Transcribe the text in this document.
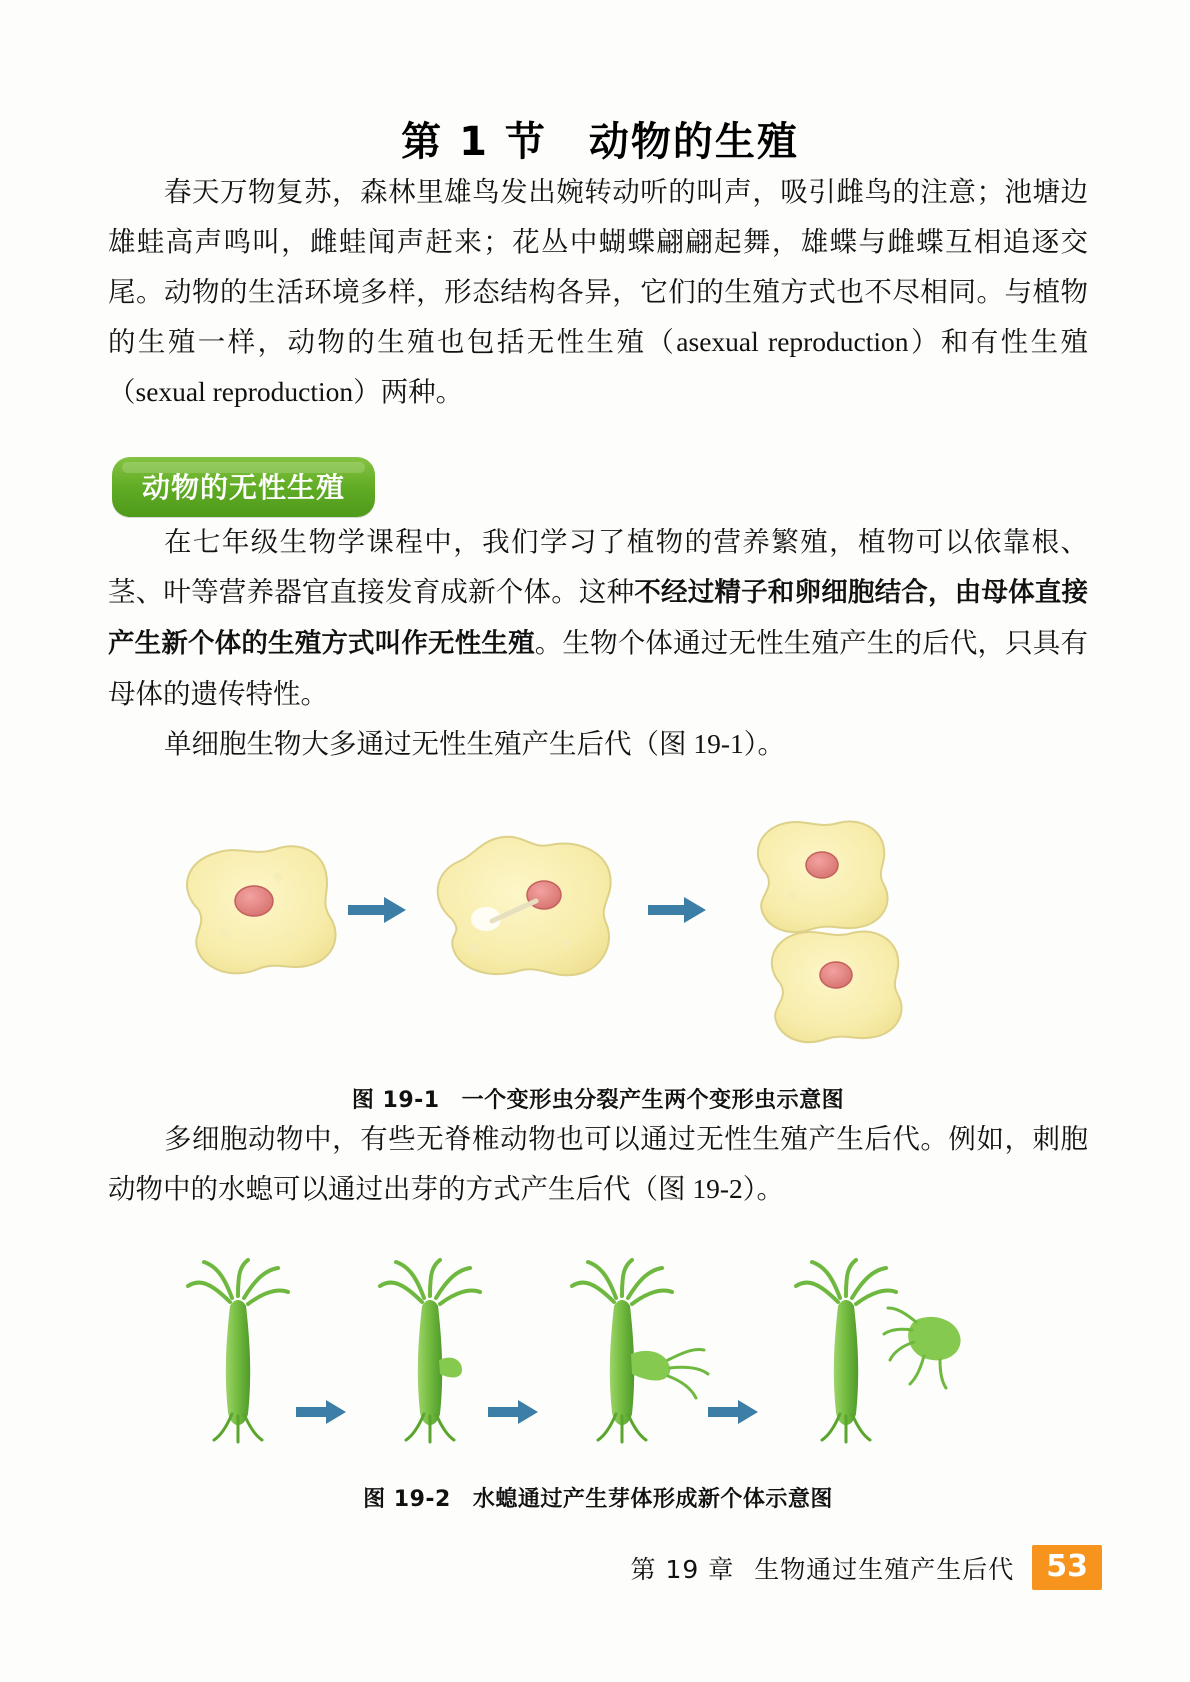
第 1 节 动物的生殖

春天万物复苏，森林里雄鸟发出婉转动听的叫声，吸引雌鸟的注意；池塘边雄蛙高声鸣叫，雌蛙闻声赶来；花丛中蝴蝶翩翩起舞，雄蝶与雌蝶互相追逐交尾。动物的生活环境多样，形态结构各异，它们的生殖方式也不尽相同。与植物的生殖一样，动物的生殖也包括无性生殖（asexual reproduction）和有性生殖（sexual reproduction）两种。

动物的无性生殖

在七年级生物学课程中，我们学习了植物的营养繁殖，植物可以依靠根、茎、叶等营养器官直接发育成新个体。这种不经过精子和卵细胞结合，由母体直接产生新个体的生殖方式叫作无性生殖。生物个体通过无性生殖产生的后代，只具有母体的遗传特性。

单细胞生物大多通过无性生殖产生后代（图 19-1）。

图 19-1 一个变形虫分裂产生两个变形虫示意图

多细胞动物中，有些无脊椎动物也可以通过无性生殖产生后代。例如，刺胞动物中的水螅可以通过出芽的方式产生后代（图 19-2）。

图 19-2 水螅通过产生芽体形成新个体示意图
第 19 章 生物通过生殖产生后代	53
